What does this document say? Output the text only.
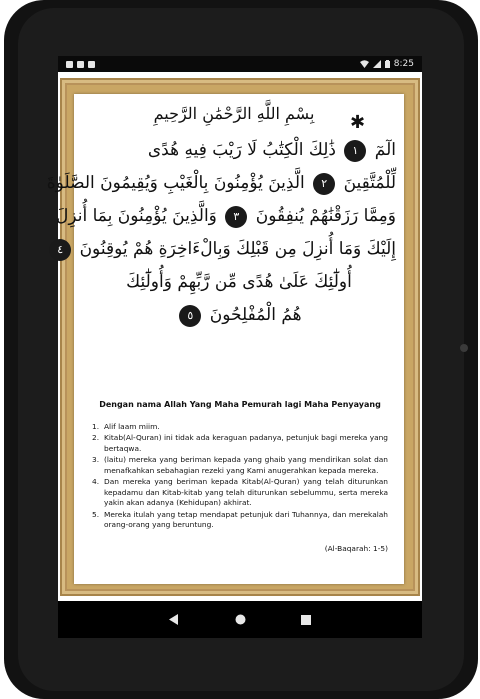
8:25
بِسْمِ اللَّهِ الرَّحْمَٰنِ الرَّحِيمِ	✱
الٓمٓ ١ ذَٰلِكَ الْكِتَٰبُ لَا رَيْبَ فِيهِ هُدًى
لِّلْمُتَّقِينَ ٢ الَّذِينَ يُؤْمِنُونَ بِالْغَيْبِ وَيُقِيمُونَ الصَّلَوٰةَ
وَمِمَّا رَزَقْنَٰهُمْ يُنفِقُونَ ٣ وَالَّذِينَ يُؤْمِنُونَ بِمَا أُنزِلَ
إِلَيْكَ وَمَا أُنزِلَ مِن قَبْلِكَ وَبِالْءَاخِرَةِ هُمْ يُوقِنُونَ ٤
أُولَٰٓئِكَ عَلَىٰ هُدًى مِّن رَّبِّهِمْ وَأُولَٰٓئِكَ
هُمُ الْمُفْلِحُونَ ٥
Dengan nama Allah Yang Maha Pemurah lagi Maha Penyayang
1. Alif laam miim.
2. Kitab(Al-Quran) ini tidak ada keraguan padanya, petunjuk bagi mereka yang bertaqwa.
3. (laitu) mereka yang beriman kepada yang ghaib yang mendirikan solat dan menafkahkan sebahagian rezeki yang Kami anugerahkan kepada mereka.
4. Dan mereka yang beriman kepada Kitab(Al-Quran) yang telah diturunkan kepadamu dan Kitab-kitab yang telah diturunkan sebelummu, serta mereka yakin akan adanya (Kehidupan) akhirat.
5. Mereka itulah yang tetap mendapat petunjuk dari Tuhannya, dan merekalah orang-orang yang beruntung.
(Al-Baqarah: 1-5)
